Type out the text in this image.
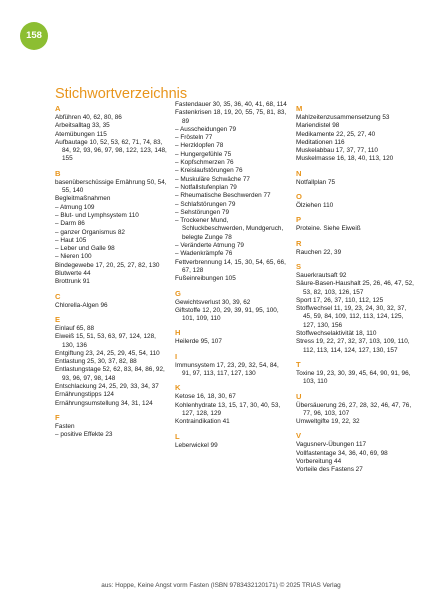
158
Stichwortverzeichnis
A
Abführen 40, 62, 80, 86
Arbeitsalltag 33, 35
Atemübungen 115
Aufbautage 10, 52, 53, 62, 71, 74, 83, 84, 92, 93, 96, 97, 98, 122, 123, 148, 155
B
basenüberschüssige Ernährung 50, 54, 55, 140
Begleitmaßnahmen
– Atmung 109
– Blut- und Lymphsystem 110
– Darm 86
– ganzer Organismus 82
– Haut 105
– Leber und Galle 98
– Nieren 100
Bindegewebe 17, 20, 25, 27, 82, 130
Blutwerte 44
Brottrunk 91
C
Chlorella-Algen 96
E
Einlauf 65, 88
Eiweiß 15, 51, 53, 63, 97, 124, 128, 130, 136
Entgiftung 23, 24, 25, 29, 45, 54, 110
Entlastung 25, 30, 37, 82, 88
Entlastungstage 52, 62, 83, 84, 86, 92, 93, 96, 97, 98, 148
Entschlackung 24, 25, 29, 33, 34, 37
Ernährungstipps 124
Ernährungsumstellung 34, 31, 124
F
Fasten
– positive Effekte 23
Fastendauer 30, 35, 36, 40, 41, 68, 114
Fastenkrisen 18, 19, 20, 55, 75, 81, 83, 89
– Ausscheidungen 79
– Frösteln 77
– Herzklopfen 78
– Hungergefühle 75
– Kopfschmerzen 76
– Kreislaufstörungen 76
– Muskuläre Schwäche 77
– Notfallstufenplan 79
– Rheumatische Beschwerden 77
– Schlafstörungen 79
– Sehstörungen 79
– Trockener Mund, Schluckbeschwerden, Mundgeruch, belegte Zunge 78
– Veränderte Atmung 79
– Wadenkrämpfe 76
Fettverbrennung 14, 15, 30, 54, 65, 66, 67, 128
Fußeinreibungen 105
G
Gewichtsverlust 30, 39, 62
Giftstoffe 12, 20, 29, 39, 91, 95, 100, 101, 109, 110
H
Heilerde 95, 107
I
Immunsystem 17, 23, 29, 32, 54, 84, 91, 97, 113, 117, 127, 130
K
Ketose 16, 18, 30, 67
Kohlenhydrate 13, 15, 17, 30, 40, 53, 127, 128, 129
Kontraindikation 41
L
Leberwickel 99
M
Mahlzeitenzusammensetzung 53
Mariendistel 98
Medikamente 22, 25, 27, 40
Meditationen 116
Muskelabbau 17, 37, 77, 110
Muskelmasse 16, 18, 40, 113, 120
N
Notfallplan 75
O
Ölziehen 110
P
Proteine. Siehe Eiweiß
R
Rauchen 22, 39
S
Sauerkrautsaft 92
Säure-Basen-Haushalt 25, 26, 46, 47, 52, 53, 82, 103, 126, 157
Sport 17, 26, 37, 110, 112, 125
Stoffwechsel 11, 19, 23, 24, 30, 32, 37, 45, 59, 84, 109, 112, 113, 124, 125, 127, 130, 156
Stoffwechselaktivität 18, 110
Stress 19, 22, 27, 32, 37, 103, 109, 110, 112, 113, 114, 124, 127, 130, 157
T
Toxine 19, 23, 30, 39, 45, 64, 90, 91, 96, 103, 110
U
Übersäuerung 26, 27, 28, 32, 46, 47, 76, 77, 96, 103, 107
Umweltgifte 19, 22, 32
V
Vagusnerv-Übungen 117
Vollfastentage 34, 36, 40, 69, 98
Vorbereitung 44
Vorteile des Fastens 27
aus: Hoppe, Keine Angst vorm Fasten (ISBN 9783432120171) © 2025 TRIAS Verlag
